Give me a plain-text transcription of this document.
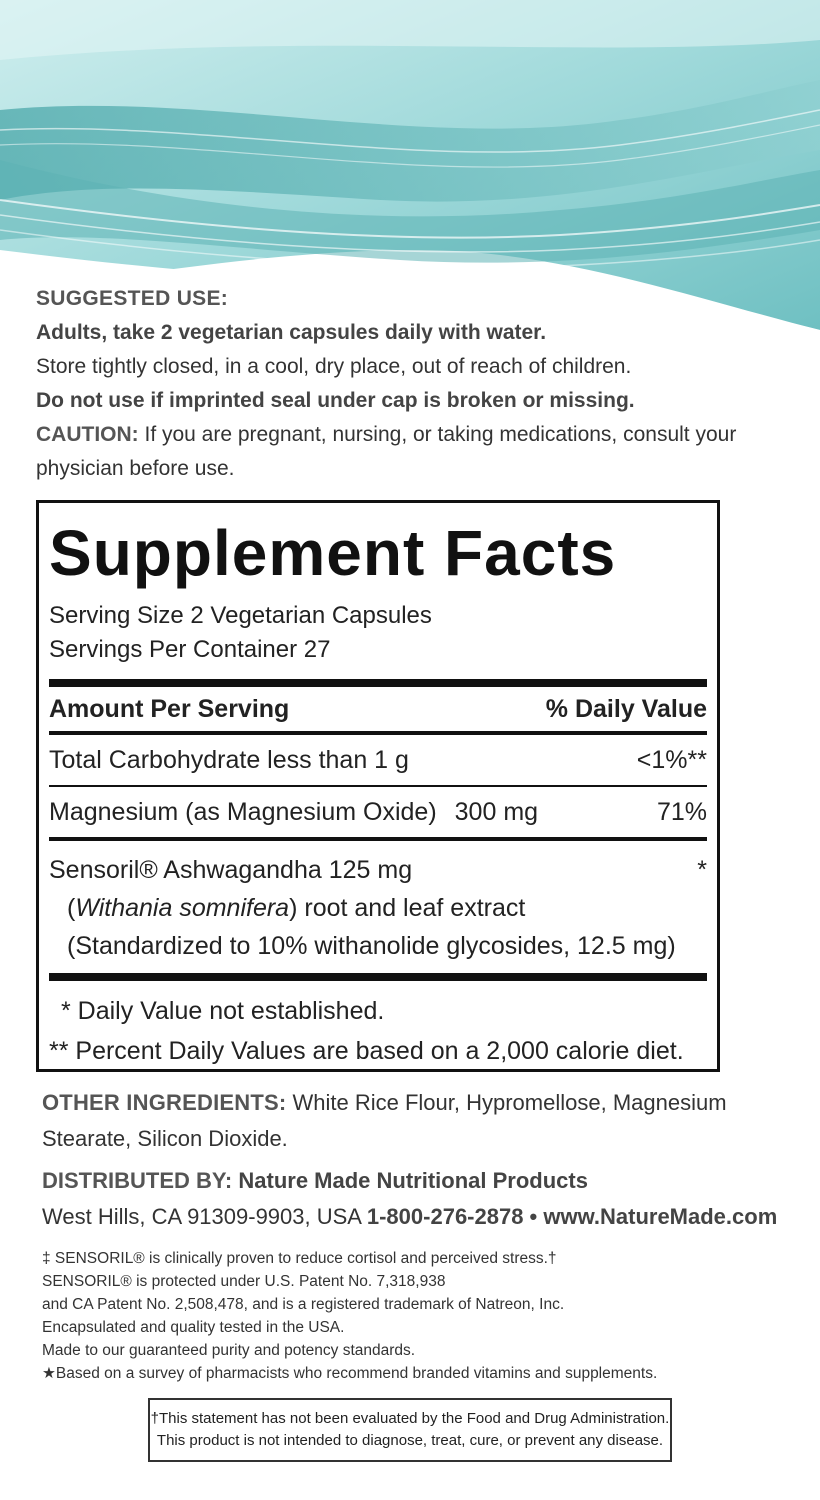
SUGGESTED USE:
Adults, take 2 vegetarian capsules daily with water.
Store tightly closed, in a cool, dry place, out of reach of children.
Do not use if imprinted seal under cap is broken or missing.
CAUTION: If you are pregnant, nursing, or taking medications, consult your physician before use.
Supplement Facts
Serving Size 2 Vegetarian Capsules
Servings Per Container 27
Amount Per Serving	% Daily Value
Total Carbohydrate less than 1 g	<1%**
Magnesium (as Magnesium Oxide) 300 mg	71%
Sensoril® Ashwagandha 125 mg	*
(Withania somnifera) root and leaf extract
(Standardized to 10% withanolide glycosides, 12.5 mg)
* Daily Value not established.
** Percent Daily Values are based on a 2,000 calorie diet.
OTHER INGREDIENTS: White Rice Flour, Hypromellose, Magnesium Stearate, Silicon Dioxide.
DISTRIBUTED BY: Nature Made Nutritional Products
West Hills, CA 91309-9903, USA 1-800-276-2878 • www.NatureMade.com
‡ SENSORIL® is clinically proven to reduce cortisol and perceived stress.†
SENSORIL® is protected under U.S. Patent No. 7,318,938
and CA Patent No. 2,508,478, and is a registered trademark of Natreon, Inc.
Encapsulated and quality tested in the USA.
Made to our guaranteed purity and potency standards.
★Based on a survey of pharmacists who recommend branded vitamins and supplements.
†This statement has not been evaluated by the Food and Drug Administration.
This product is not intended to diagnose, treat, cure, or prevent any disease.
